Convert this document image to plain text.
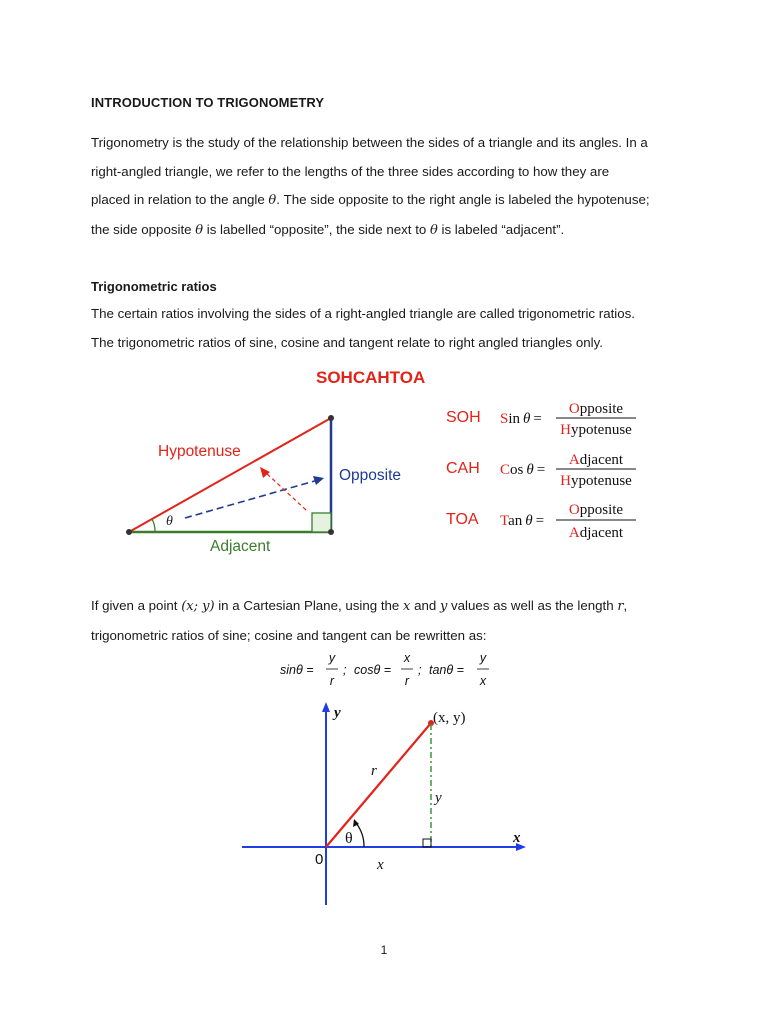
INTRODUCTION TO TRIGONOMETRY

Trigonometry is the study of the relationship between the sides of a triangle and its angles. In a

right-angled triangle, we refer to the lengths of the three sides according to how they are

placed in relation to the angle θ. The side opposite to the right angle is labeled the hypotenuse;

the side opposite θ is labelled “opposite”, the side next to θ is labeled “adjacent”.

Trigonometric ratios

The certain ratios involving the sides of a right-angled triangle are called trigonometric ratios.

The trigonometric ratios of sine, cosine and tangent relate to right angled triangles only.

SOHCAHTOA
θ
Hypotenuse
Opposite
Adjacent
SOH Sin θ =
Opposite
Hypotenuse
CAH Cos θ =
Adjacent
Hypotenuse
TOA Tan θ =
Opposite
Adjacent

If given a point (x; y) in a Cartesian Plane, using the x and y values as well as the length r,

trigonometric ratios of sine; cosine and tangent can be rewritten as:

sinθ =
y
r
; cosθ =
x
r
; tanθ =
y
x
y
x
(x, y)
r
y
x
θ
0
1
